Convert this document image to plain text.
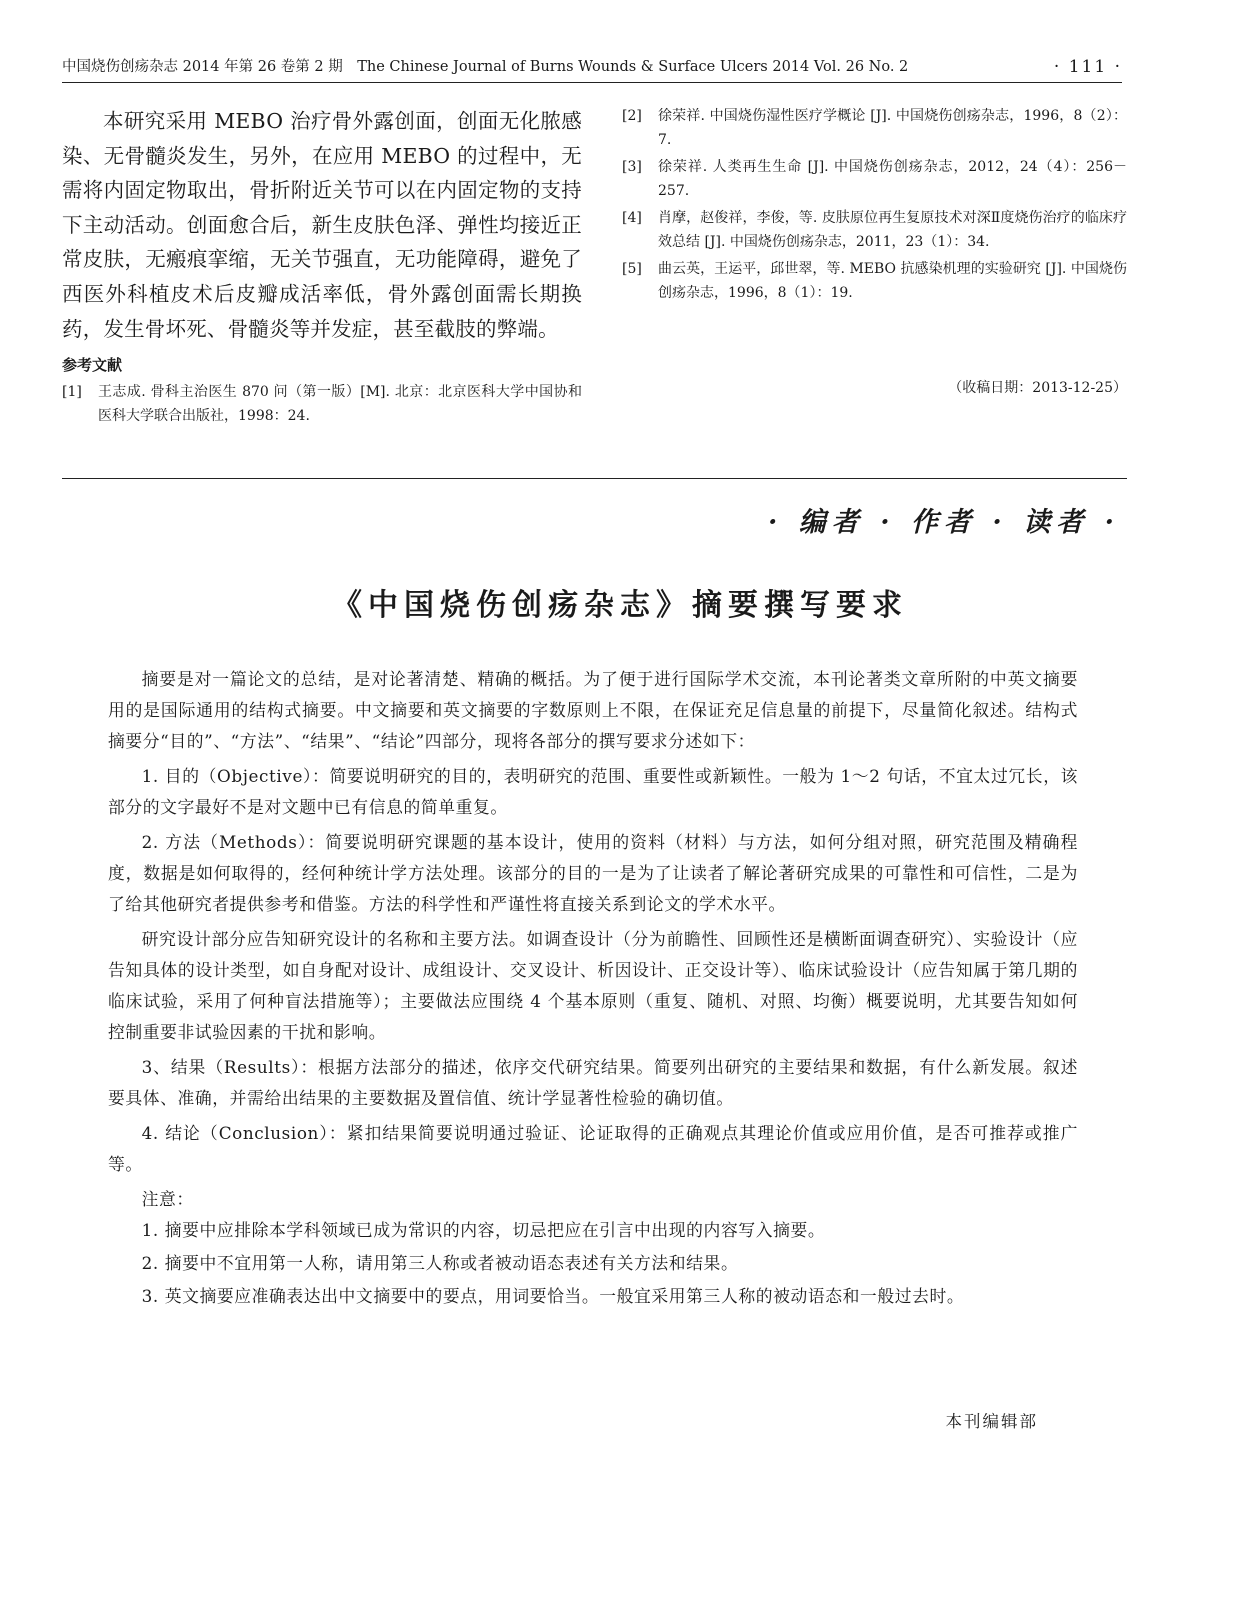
中国烧伤创疡杂志 2014 年第 26 卷第 2 期　The Chinese Journal of Burns Wounds & Surface Ulcers 2014 Vol. 26 No. 2	· 111 ·

本研究采用 MEBO 治疗骨外露创面，创面无化脓感染、无骨髓炎发生，另外，在应用 MEBO 的过程中，无需将内固定物取出，骨折附近关节可以在内固定物的支持下主动活动。创面愈合后，新生皮肤色泽、弹性均接近正常皮肤，无瘢痕挛缩，无关节强直，无功能障碍，避免了西医外科植皮术后皮瓣成活率低，骨外露创面需长期换药，发生骨坏死、骨髓炎等并发症，甚至截肢的弊端。

参考文献
[1]	王志成. 骨科主治医生 870 问（第一版）[M]. 北京：北京医科大学中国协和医科大学联合出版社，1998：24.
[2]	徐荣祥. 中国烧伤湿性医疗学概论 [J]. 中国烧伤创疡杂志，1996，8（2）：7.
[3]	徐荣祥. 人类再生生命 [J]. 中国烧伤创疡杂志，2012，24（4）：256－257.
[4]	肖摩，赵俊祥，李俊，等. 皮肤原位再生复原技术对深Ⅱ度烧伤治疗的临床疗效总结 [J]. 中国烧伤创疡杂志，2011，23（1）：34.
[5]	曲云英，王运平，邱世翠，等. MEBO 抗感染机理的实验研究 [J]. 中国烧伤创疡杂志，1996，8（1）：19.
（收稿日期：2013-12-25）
· 编者 · 作者 · 读者 ·
《中国烧伤创疡杂志》摘要撰写要求

摘要是对一篇论文的总结，是对论著清楚、精确的概括。为了便于进行国际学术交流，本刊论著类文章所附的中英文摘要用的是国际通用的结构式摘要。中文摘要和英文摘要的字数原则上不限，在保证充足信息量的前提下，尽量简化叙述。结构式摘要分“目的”、“方法”、“结果”、“结论”四部分，现将各部分的撰写要求分述如下：

1. 目的（Objective）：简要说明研究的目的，表明研究的范围、重要性或新颖性。一般为 1～2 句话，不宜太过冗长，该部分的文字最好不是对文题中已有信息的简单重复。

2. 方法（Methods）：简要说明研究课题的基本设计，使用的资料（材料）与方法，如何分组对照，研究范围及精确程度，数据是如何取得的，经何种统计学方法处理。该部分的目的一是为了让读者了解论著研究成果的可靠性和可信性，二是为了给其他研究者提供参考和借鉴。方法的科学性和严谨性将直接关系到论文的学术水平。

研究设计部分应告知研究设计的名称和主要方法。如调查设计（分为前瞻性、回顾性还是横断面调查研究）、实验设计（应告知具体的设计类型，如自身配对设计、成组设计、交叉设计、析因设计、正交设计等）、临床试验设计（应告知属于第几期的临床试验，采用了何种盲法措施等）；主要做法应围绕 4 个基本原则（重复、随机、对照、均衡）概要说明，尤其要告知如何控制重要非试验因素的干扰和影响。

3、结果（Results）：根据方法部分的描述，依序交代研究结果。简要列出研究的主要结果和数据，有什么新发展。叙述要具体、准确，并需给出结果的主要数据及置信值、统计学显著性检验的确切值。

4. 结论（Conclusion）：紧扣结果简要说明通过验证、论证取得的正确观点其理论价值或应用价值，是否可推荐或推广等。

注意：

1. 摘要中应排除本学科领域已成为常识的内容，切忌把应在引言中出现的内容写入摘要。

2. 摘要中不宜用第一人称，请用第三人称或者被动语态表述有关方法和结果。

3. 英文摘要应准确表达出中文摘要中的要点，用词要恰当。一般宜采用第三人称的被动语态和一般过去时。

本刊编辑部
